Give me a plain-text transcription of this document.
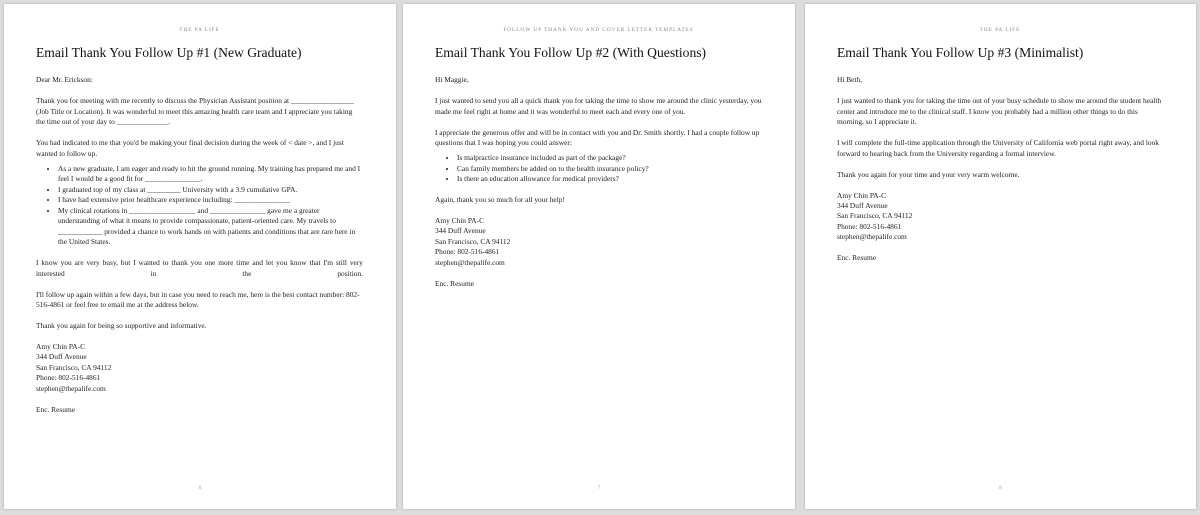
THE PA LIFE
Email Thank You Follow Up #1 (New Graduate)

Dear Mr. Erickson:

Thank you for meeting with me recently to discuss the Physician Assistant position at _________________ (Job Title or Location). It was wonderful to meet this amazing health care team and I appreciate you taking the time out of your day to ______________.

You had indicated to me that you'd be making your final decision during the week of < date >, and I just wanted to follow up.

• As a new graduate, I am eager and ready to hit the ground running. My training has prepared me and I feel I would be a good fit for _______________.
• I graduated top of my class at _________ University with a 3.9 cumulative GPA.
• I have had extensive prior healthcare experience including: _______________
• My clinical rotations in __________________ and _______________ gave me a greater understanding of what it means to provide compassionate, patient-oriented care. My travels to ____________ provided a chance to work hands on with patients and conditions that are rare here in the United States.

I know you are very busy, but I wanted to thank you one more time and let you know that I'm still very interested in the position.

I'll follow up again within a few days, but in case you need to reach me, here is the best contact number: 802-516-4861 or feel free to email me at the address below.

Thank you again for being so supportive and informative.

Amy Chin PA-C
344 Duff Avenue
San Francisco, CA 94112
Phone: 802-516-4861
stephen@thepalife.com

Enc. Resume

6
FOLLOW UP THANK YOU AND COVER LETTER TEMPLATES
Email Thank You Follow Up #2 (With Questions)

Hi Maggie,

I just wanted to send you all a quick thank you for taking the time to show me around the clinic yesterday, you made me feel right at home and it was wonderful to meet each and every one of you.

I appreciate the generous offer and will be in contact with you and Dr. Smith shortly. I had a couple follow up questions that I was hoping you could answer:

• Is malpractice insurance included as part of the package?
• Can family members be added on to the health insurance policy?
• Is there an education allowance for medical providers?

Again, thank you so much for all your help!

Amy Chin PA-C
344 Duff Avenue
San Francisco, CA 94112
Phone: 802-516-4861
stephen@thepalife.com

Enc. Resume

7
THE PA LIFE
Email Thank You Follow Up #3 (Minimalist)

Hi Beth,

I just wanted to thank you for taking the time out of your busy schedule to show me around the student health center and introduce me to the clinical staff. I know you probably had a million other things to do this morning, so I appreciate it.

I will complete the full-time application through the University of California web portal right away, and look forward to hearing back from the University regarding a formal interview.

Thank you again for your time and your very warm welcome.

Amy Chin PA-C
344 Duff Avenue
San Francisco, CA 94112
Phone: 802-516-4861
stephen@thepalife.com

Enc. Resume

8
